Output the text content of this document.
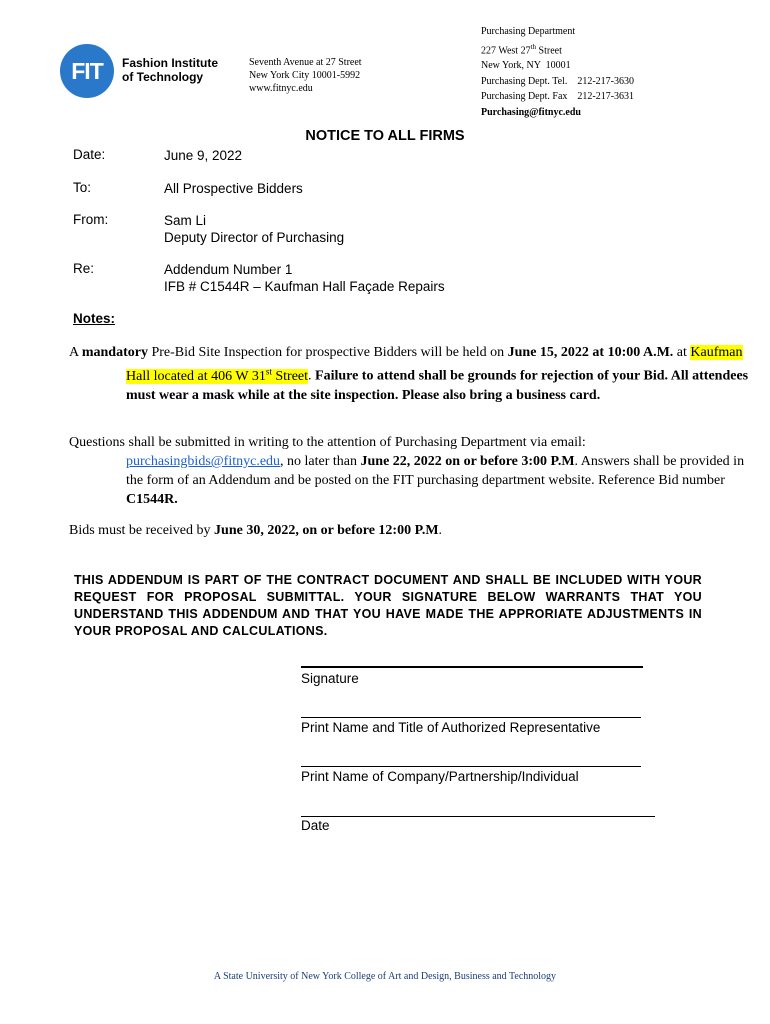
FIT Fashion Institute
of Technology
Seventh Avenue at 27 Street
New York City 10001-5992
www.fitnyc.edu
Purchasing Department
227 West 27th Street
New York, NY  10001
Purchasing Dept. Tel.    212-217-3630
Purchasing Dept. Fax    212-217-3631
Purchasing@fitnyc.edu
NOTICE TO ALL FIRMS
Date:	June 9, 2022
To:	All Prospective Bidders
From:	Sam Li
Deputy Director of Purchasing
Re:	Addendum Number 1
IFB # C1544R – Kaufman Hall Façade Repairs
Notes:
A mandatory Pre-Bid Site Inspection for prospective Bidders will be held on June 15, 2022 at 10:00 A.M. at Kaufman Hall located at 406 W 31st Street. Failure to attend shall be grounds for rejection of your Bid. All attendees must wear a mask while at the site inspection. Please also bring a business card.
Questions shall be submitted in writing to the attention of Purchasing Department via email: purchasingbids@fitnyc.edu, no later than June 22, 2022 on or before 3:00 P.M. Answers shall be provided in the form of an Addendum and be posted on the FIT purchasing department website. Reference Bid number C1544R.
Bids must be received by June 30, 2022, on or before 12:00 P.M.
THIS ADDENDUM IS PART OF THE CONTRACT DOCUMENT AND SHALL BE INCLUDED WITH YOUR REQUEST FOR PROPOSAL SUBMITTAL. YOUR SIGNATURE BELOW WARRANTS THAT YOU UNDERSTAND THIS ADDENDUM AND THAT YOU HAVE MADE THE APPRORIATE ADJUSTMENTS IN YOUR PROPOSAL AND CALCULATIONS.
Signature
Print Name and Title of Authorized Representative
Print Name of Company/Partnership/Individual
Date
A State University of New York College of Art and Design, Business and Technology
